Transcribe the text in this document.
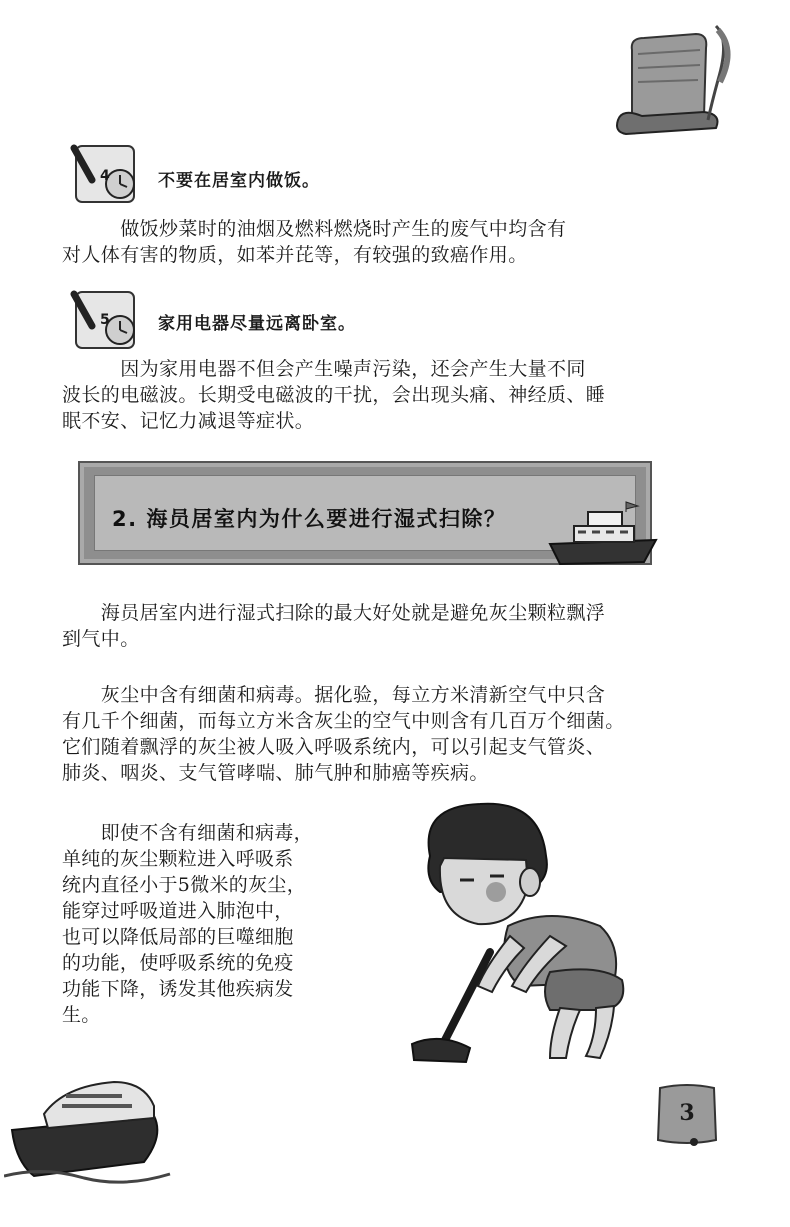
4	不要在居室内做饭。

　　　做饭炒菜时的油烟及燃料燃烧时产生的废气中均含有
对人体有害的物质，如苯并芘等，有较强的致癌作用。

5	家用电器尽量远离卧室。

　　　因为家用电器不但会产生噪声污染，还会产生大量不同
波长的电磁波。长期受电磁波的干扰，会出现头痛、神经质、睡
眠不安、记忆力减退等症状。

2. 海员居室内为什么要进行湿式扫除？

　　海员居室内进行湿式扫除的最大好处就是避免灰尘颗粒飘浮
到气中。

　　灰尘中含有细菌和病毒。据化验，每立方米清新空气中只含
有几千个细菌，而每立方米含灰尘的空气中则含有几百万个细菌。
它们随着飘浮的灰尘被人吸入呼吸系统内，可以引起支气管炎、
肺炎、咽炎、支气管哮喘、肺气肿和肺癌等疾病。

　　即使不含有细菌和病毒，
单纯的灰尘颗粒进入呼吸系
统内直径小于5微米的灰尘，
能穿过呼吸道进入肺泡中，
也可以降低局部的巨噬细胞
的功能，使呼吸系统的免疫
功能下降，诱发其他疾病发
生。

3
